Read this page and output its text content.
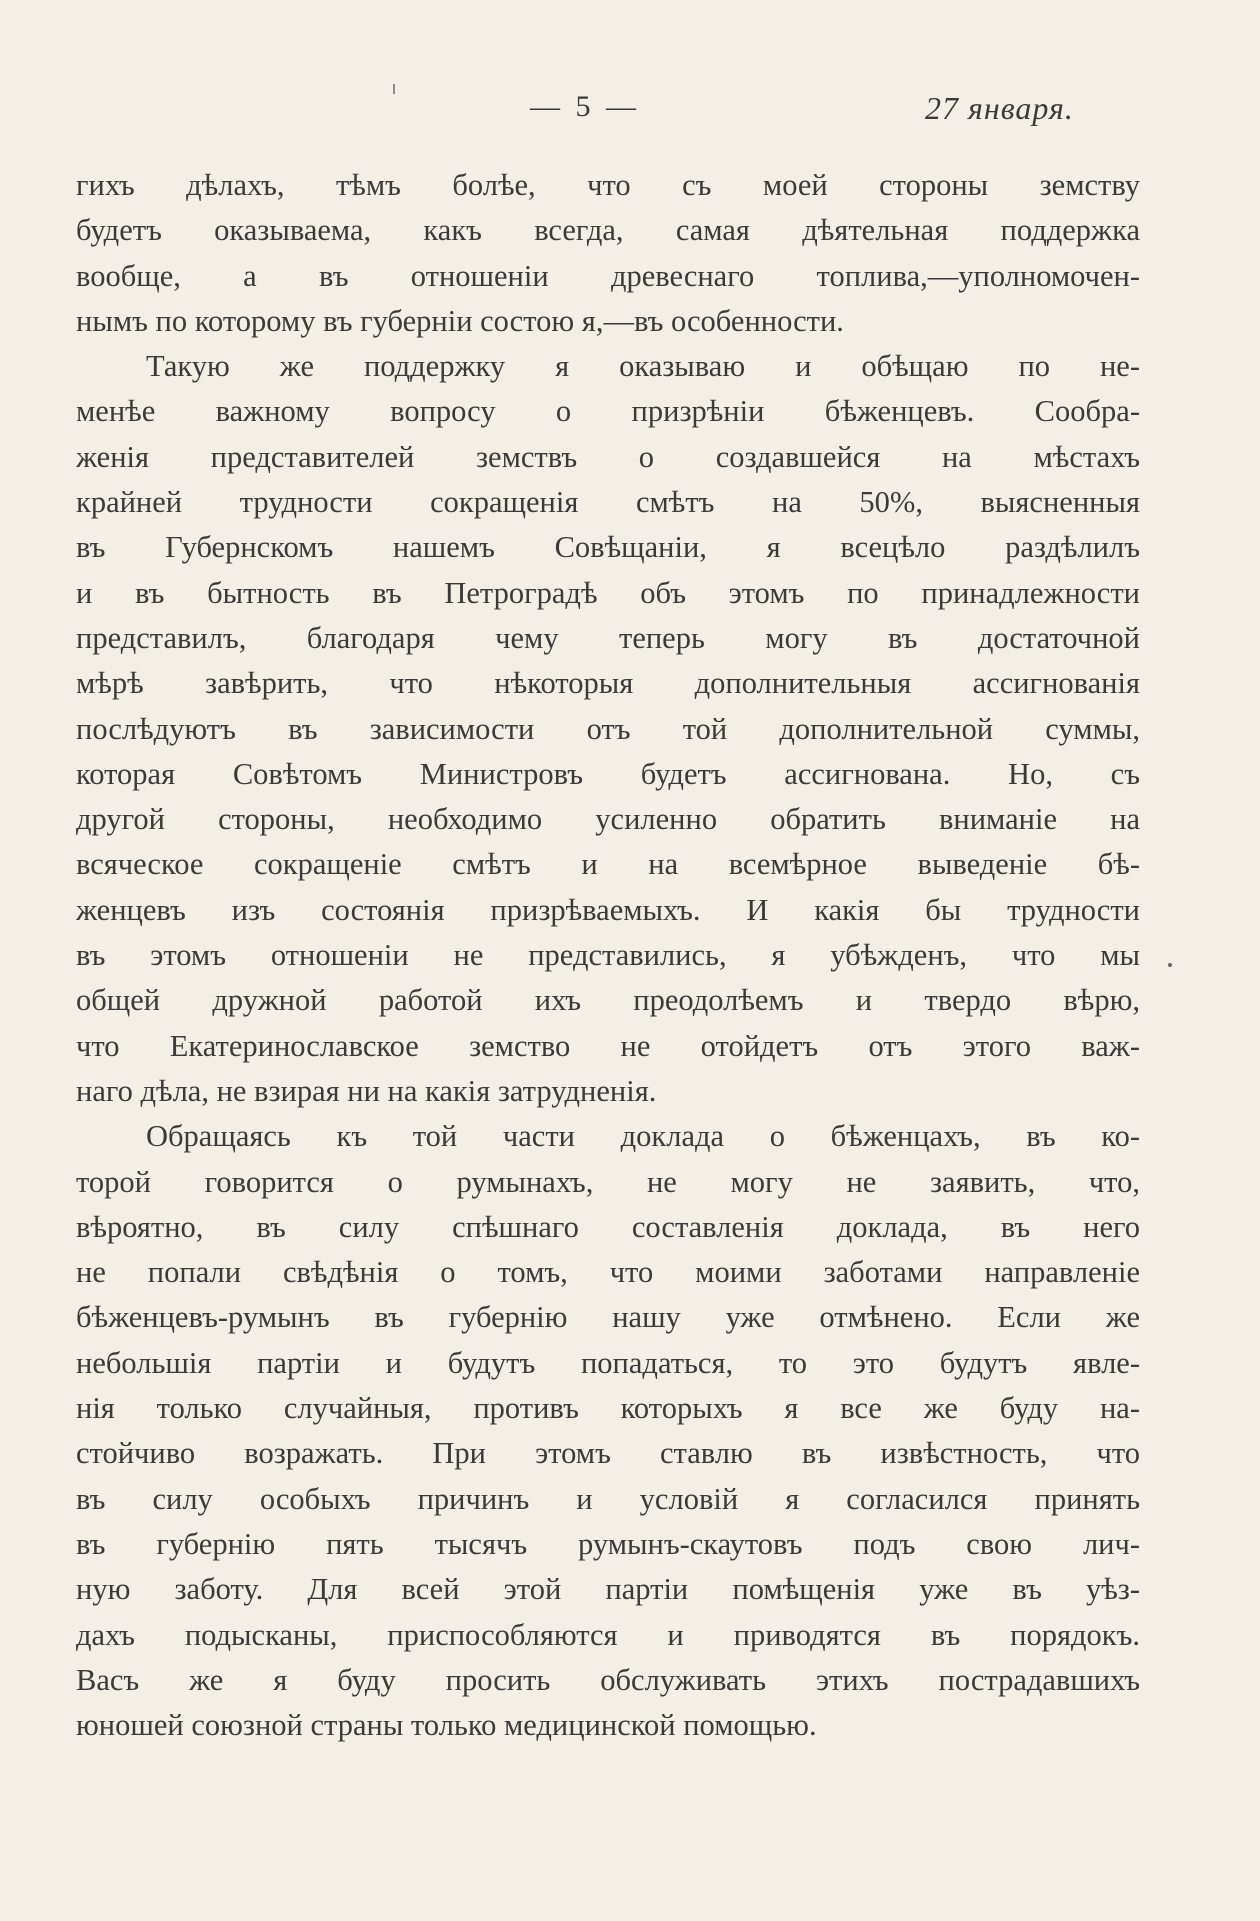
— 5 —	27 января.
гихъ дѣлахъ, тѣмъ болѣе, что съ моей стороны земству
будетъ оказываема, какъ всегда, самая дѣятельная поддержка
вообще, а въ отношеніи древеснаго топлива,—уполномочен-
нымъ по которому въ губерніи состою я,—въ особенности.
Такую же поддержку я оказываю и обѣщаю по не-
менѣе важному вопросу о призрѣніи бѣженцевъ. Сообра-
женія представителей земствъ о создавшейся на мѣстахъ
крайней трудности сокращенія смѣтъ на 50%, выясненныя
въ Губернскомъ нашемъ Совѣщаніи, я всецѣло раздѣлилъ
и въ бытность въ Петроградѣ объ этомъ по принадлежности
представилъ, благодаря чему теперь могу въ достаточной
мѣрѣ завѣрить, что нѣкоторыя дополнительныя ассигнованія
послѣдуютъ въ зависимости отъ той дополнительной суммы,
которая Совѣтомъ Министровъ будетъ ассигнована. Но, съ
другой стороны, необходимо усиленно обратить вниманіе на
всяческое сокращеніе смѣтъ и на всемѣрное выведеніе бѣ-
женцевъ изъ состоянія призрѣваемыхъ. И какія бы трудности
въ этомъ отношеніи не представились, я убѣжденъ, что мы
общей дружной работой ихъ преодолѣемъ и твердо вѣрю,
что Екатеринославское земство не отойдетъ отъ этого важ-
наго дѣла, не взирая ни на какія затрудненія.
Обращаясь къ той части доклада о бѣженцахъ, въ ко-
торой говорится о румынахъ, не могу не заявить, что,
вѣроятно, въ силу спѣшнаго составленія доклада, въ него
не попали свѣдѣнія о томъ, что моими заботами направленіе
бѣженцевъ-румынъ въ губернію нашу уже отмѣнено. Если же
небольшія партіи и будутъ попадаться, то это будутъ явле-
нія только случайныя, противъ которыхъ я все же буду на-
стойчиво возражать. При этомъ ставлю въ извѣстность, что
въ силу особыхъ причинъ и условій я согласился принять
въ губернію пять тысячъ румынъ-скаутовъ подъ свою лич-
ную заботу. Для всей этой партіи помѣщенія уже въ уѣз-
дахъ подысканы, приспособляются и приводятся въ порядокъ.
Васъ же я буду просить обслуживать этихъ пострадавшихъ
юношей союзной страны только медицинской помощью.
